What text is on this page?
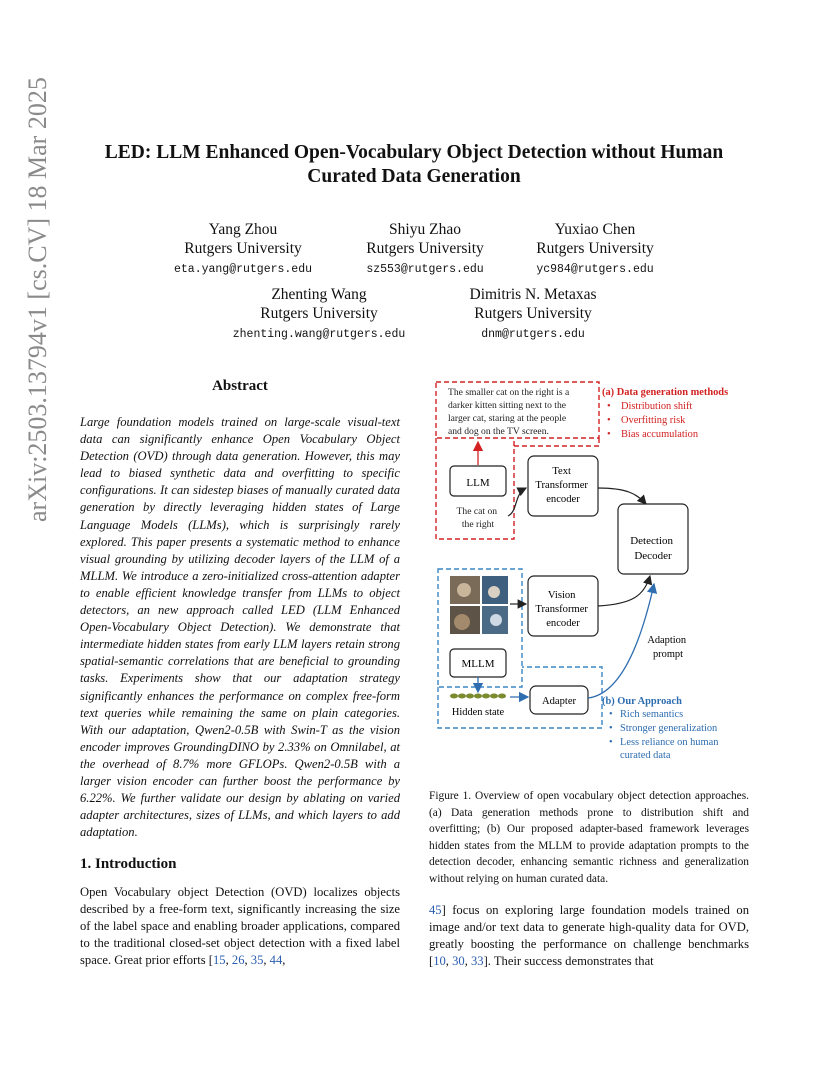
LED: LLM Enhanced Open-Vocabulary Object Detection without Human
Curated Data Generation
Yang Zhou
Rutgers University
eta.yang@rutgers.edu
Shiyu Zhao
Rutgers University
sz553@rutgers.edu
Yuxiao Chen
Rutgers University
yc984@rutgers.edu
Zhenting Wang
Rutgers University
zhenting.wang@rutgers.edu
Dimitris N. Metaxas
Rutgers University
dnm@rutgers.edu
arXiv:2503.13794v1 [cs.CV] 18 Mar 2025	Abstract
Large foundation models trained on large-scale visual-text data can significantly enhance Open Vocabulary Object Detection (OVD) through data generation. However, this may lead to biased synthetic data and overfitting to specific configurations. It can sidestep biases of manually curated data generation by directly leveraging hidden states of Large Language Models (LLMs), which is surprisingly rarely explored. This paper presents a systematic method to enhance visual grounding by utilizing decoder layers of the LLM of a MLLM. We introduce a zero-initialized cross-attention adapter to enable efficient knowledge transfer from LLMs to object detectors, an new approach called LED (LLM Enhanced Open-Vocabulary Object Detection). We demonstrate that intermediate hidden states from early LLM layers retain strong spatial-semantic correlations that are beneficial to grounding tasks. Experiments show that our adaptation strategy significantly enhances the performance on complex free-form text queries while remaining the same on plain categories. With our adaptation, Qwen2-0.5B with Swin-T as the vision encoder improves GroundingDINO by 2.33% on Omnilabel, at the overhead of 8.7% more GFLOPs. Qwen2-0.5B with a larger vision encoder can further boost the performance by 6.22%. We further validate our design by ablating on varied adapter architectures, sizes of LLMs, and which layers to add adaptation.
1. Introduction
Open Vocabulary object Detection (OVD) localizes objects described by a free-form text, significantly increasing the size of the label space and enabling broader applications, compared to the traditional closed-set object detection with a fixed label space. Great prior efforts [15, 26, 35, 44,
The smaller cat on the right is a darker kitten sitting next to the larger cat, staring at the people and dog on the TV screen.
(a) Data generation methods
• Distribution shift
• Overfitting risk
• Bias accumulation
LLM
The cat on the right
Text Transformer encoder
Detection Decoder
Vision Transformer encoder
MLLM
Hidden state
Adapter
Adaption prompt
(b) Our Approach
• Rich semantics
• Stronger generalization
• Less reliance on human
curated data
Figure 1. Overview of open vocabulary object detection approaches. (a) Data generation methods prone to distribution shift and overfitting; (b) Our proposed adapter-based framework leverages hidden states from the MLLM to provide adaptation prompts to the detection decoder, enhancing semantic richness and generalization without relying on human curated data.
45] focus on exploring large foundation models trained on image and/or text data to generate high-quality data for OVD, greatly boosting the performance on challenge benchmarks [10, 30, 33]. Their success demonstrates that
